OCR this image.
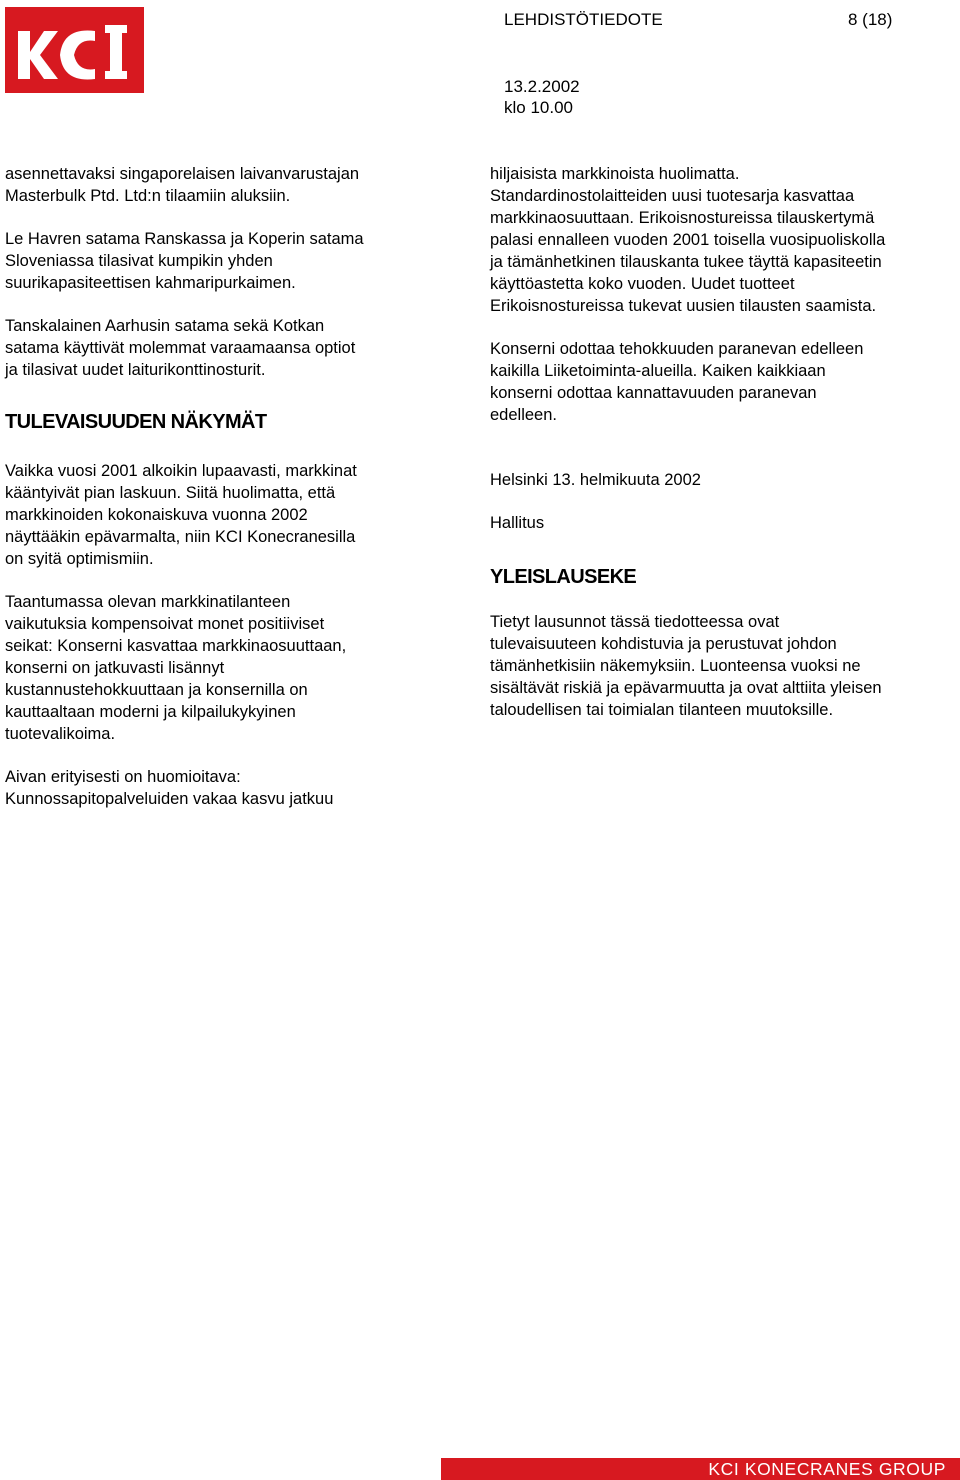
LEHDISTÖTIEDOTE	8 (18)
13.2.2002
klo 10.00

asennettavaksi singaporelaisen laivanvarustajan
Masterbulk Ptd. Ltd:n tilaamiin aluksiin.

Le Havren satama Ranskassa ja Koperin satama
Sloveniassa tilasivat kumpikin yhden
suurikapasiteettisen kahmaripurkaimen.

Tanskalainen Aarhusin satama sekä Kotkan
satama käyttivät molemmat varaamaansa optiot
ja tilasivat uudet laiturikonttinosturit.

TULEVAISUUDEN NÄKYMÄT

Vaikka vuosi 2001 alkoikin lupaavasti, markkinat
kääntyivät pian laskuun. Siitä huolimatta, että
markkinoiden kokonaiskuva vuonna 2002
näyttääkin epävarmalta, niin KCI Konecranesilla
on syitä optimismiin.

Taantumassa olevan markkinatilanteen
vaikutuksia kompensoivat monet positiiviset
seikat: Konserni kasvattaa markkinaosuuttaan,
konserni on jatkuvasti lisännyt
kustannustehokkuuttaan ja konsernilla on
kauttaaltaan moderni ja kilpailukykyinen
tuotevalikoima.

Aivan erityisesti on huomioitava:
Kunnossapitopalveluiden vakaa kasvu jatkuu

hiljaisista markkinoista huolimatta.
Standardinostolaitteiden uusi tuotesarja kasvattaa
markkinaosuuttaan. Erikoisnostureissa tilauskertymä
palasi ennalleen vuoden 2001 toisella vuosipuoliskolla
ja tämänhetkinen tilauskanta tukee täyttä kapasiteetin
käyttöastetta koko vuoden. Uudet tuotteet
Erikoisnostureissa tukevat uusien tilausten saamista.

Konserni odottaa tehokkuuden paranevan edelleen
kaikilla Liiketoiminta-alueilla. Kaiken kaikkiaan
konserni odottaa kannattavuuden paranevan
edelleen.

Helsinki 13. helmikuuta 2002

Hallitus

YLEISLAUSEKE

Tietyt lausunnot tässä tiedotteessa ovat
tulevaisuuteen kohdistuvia ja perustuvat johdon
tämänhetkisiin näkemyksiin. Luonteensa vuoksi ne
sisältävät riskiä ja epävarmuutta ja ovat alttiita yleisen
taloudellisen tai toimialan tilanteen muutoksille.

KCI KONECRANES GROUP
